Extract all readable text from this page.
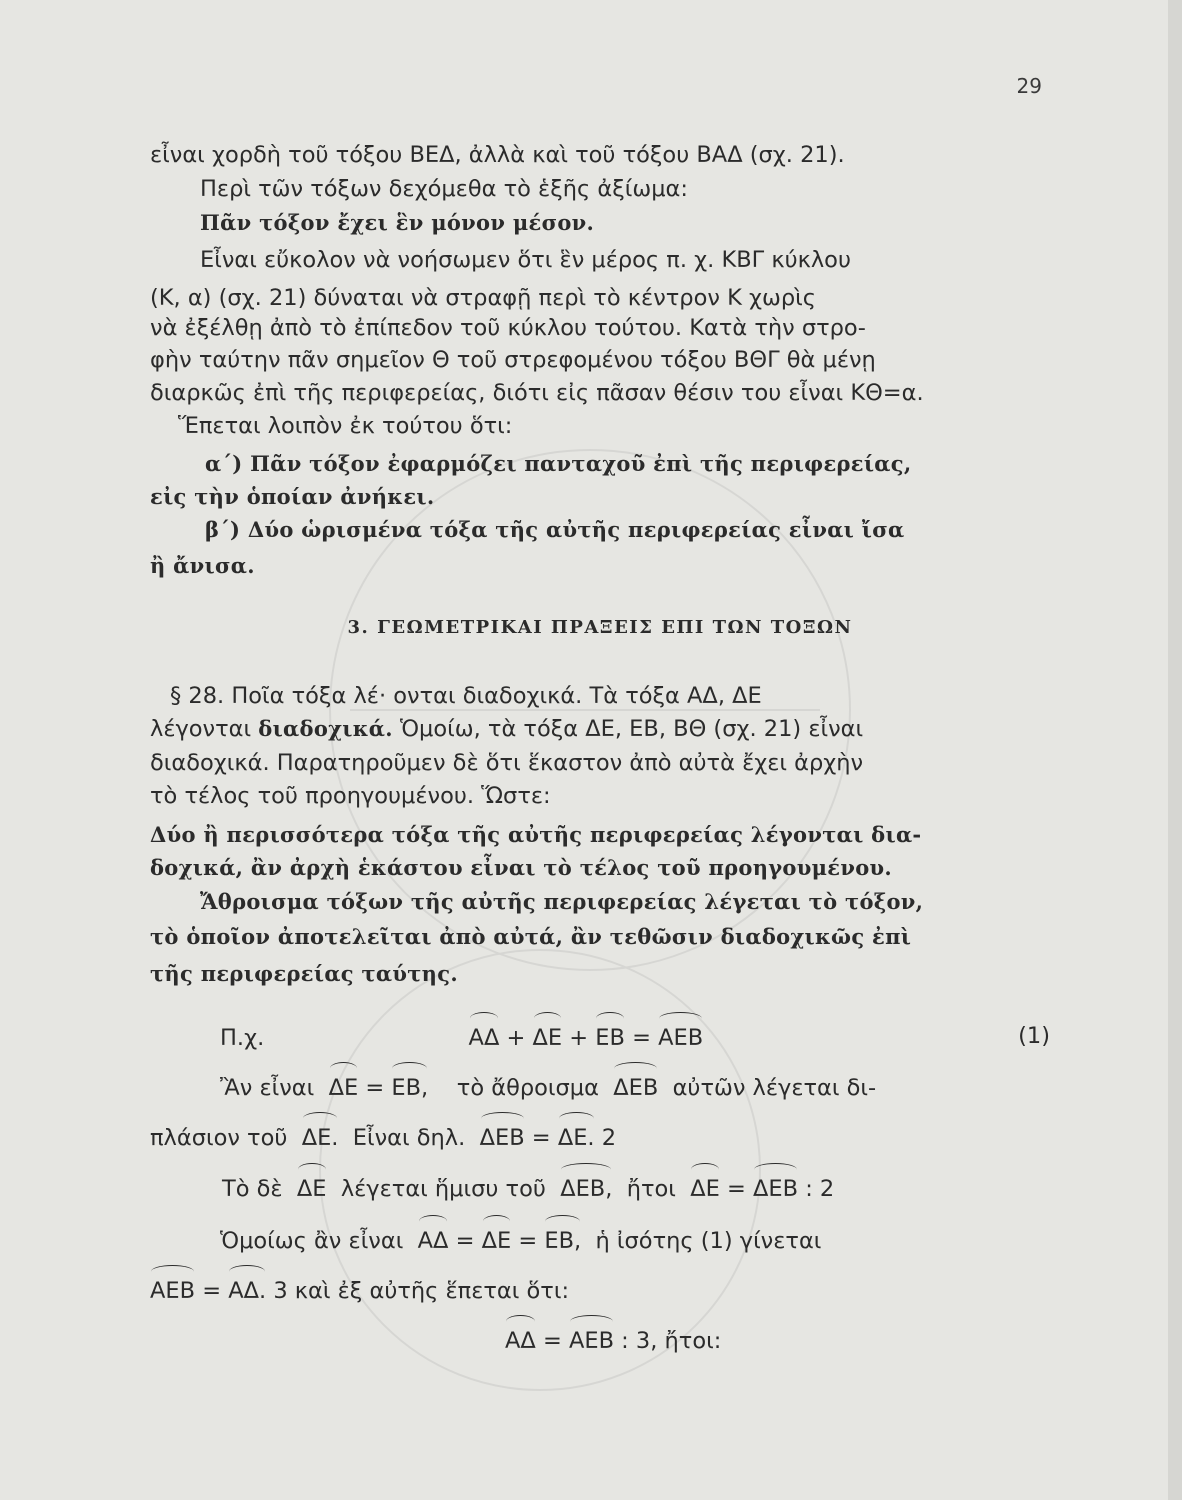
29
εἶναι χορδὴ τοῦ τόξου ΒΕΔ, ἀλλὰ καὶ τοῦ τόξου ΒΑΔ (σχ. 21).
Περὶ τῶν τόξων δεχόμεθα τὸ ἑξῆς ἀξίωμα:
Πᾶν τόξον ἔχει ἓν μόνον μέσον.
Εἶναι εὔκολον νὰ νοήσωμεν ὅτι ἓν μέρος π. χ. ΚΒΓ κύκλου
(Κ, α) (σχ. 21) δύναται νὰ στραφῇ περὶ τὸ κέντρον Κ χωρὶς
νὰ ἐξέλθῃ ἀπὸ τὸ ἐπίπεδον τοῦ κύκλου τούτου. Κατὰ τὴν στρο-
φὴν ταύτην πᾶν σημεῖον Θ τοῦ στρεφομένου τόξου ΒΘΓ θὰ μένῃ
διαρκῶς ἐπὶ τῆς περιφερείας, διότι εἰς πᾶσαν θέσιν του εἶναι ΚΘ=α.
Ἕπεται λοιπὸν ἐκ τούτου ὅτι:
α΄) Πᾶν τόξον ἐφαρμόζει πανταχοῦ ἐπὶ τῆς περιφερείας,
εἰς τὴν ὁποίαν ἀνήκει.
β΄) Δύο ὡρισμένα τόξα τῆς αὐτῆς περιφερείας εἶναι ἴσα
ἢ ἄνισα.
3. ΓΕΩΜΕΤΡΙΚΑΙ ΠΡΑΞΕΙΣ ΕΠΙ ΤΩΝ ΤΟΞΩΝ
§ 28. Ποῖα τόξα λέ· ονται διαδοχικά. Τὰ τόξα ΑΔ, ΔΕ
λέγονται διαδοχικά. Ὁμοίω, τὰ τόξα ΔΕ, ΕΒ, ΒΘ (σχ. 21) εἶναι
διαδοχικά. Παρατηροῦμεν δὲ ὅτι ἕκαστον ἀπὸ αὐτὰ ἔχει ἀρχὴν
τὸ τέλος τοῦ προηγουμένου. Ὥστε:
Δύο ἢ περισσότερα τόξα τῆς αὐτῆς περιφερείας λέγονται δια-
δοχικά, ἂν ἀρχὴ ἑκάστου εἶναι τὸ τέλος τοῦ προηγουμένου.
Ἄθροισμα τόξων τῆς αὐτῆς περιφερείας λέγεται τὸ τόξον,
τὸ ὁποῖον ἀποτελεῖται ἀπὸ αὐτά, ἂν τεθῶσιν διαδοχικῶς ἐπὶ
τῆς περιφερείας ταύτης.
Π.χ.	ΑΔ + ΔΕ + ΕΒ = ΑΕΒ	(1)
Ἂν εἶναι ΔΕ = ΕΒ, τὸ ἄθροισμα ΔΕΒ αὐτῶν λέγεται δι-
πλάσιον τοῦ ΔΕ. Εἶναι δηλ. ΔΕΒ = ΔΕ. 2
Τὸ δὲ ΔΕ λέγεται ἥμισυ τοῦ ΔΕΒ, ἤτοι ΔΕ = ΔΕΒ : 2
Ὁμοίως ἂν εἶναι ΑΔ = ΔΕ = ΕΒ, ἡ ἰσότης (1) γίνεται
ΑΕΒ = ΑΔ. 3 καὶ ἐξ αὐτῆς ἕπεται ὅτι:
ΑΔ = ΑΕΒ : 3, ἤτοι:
